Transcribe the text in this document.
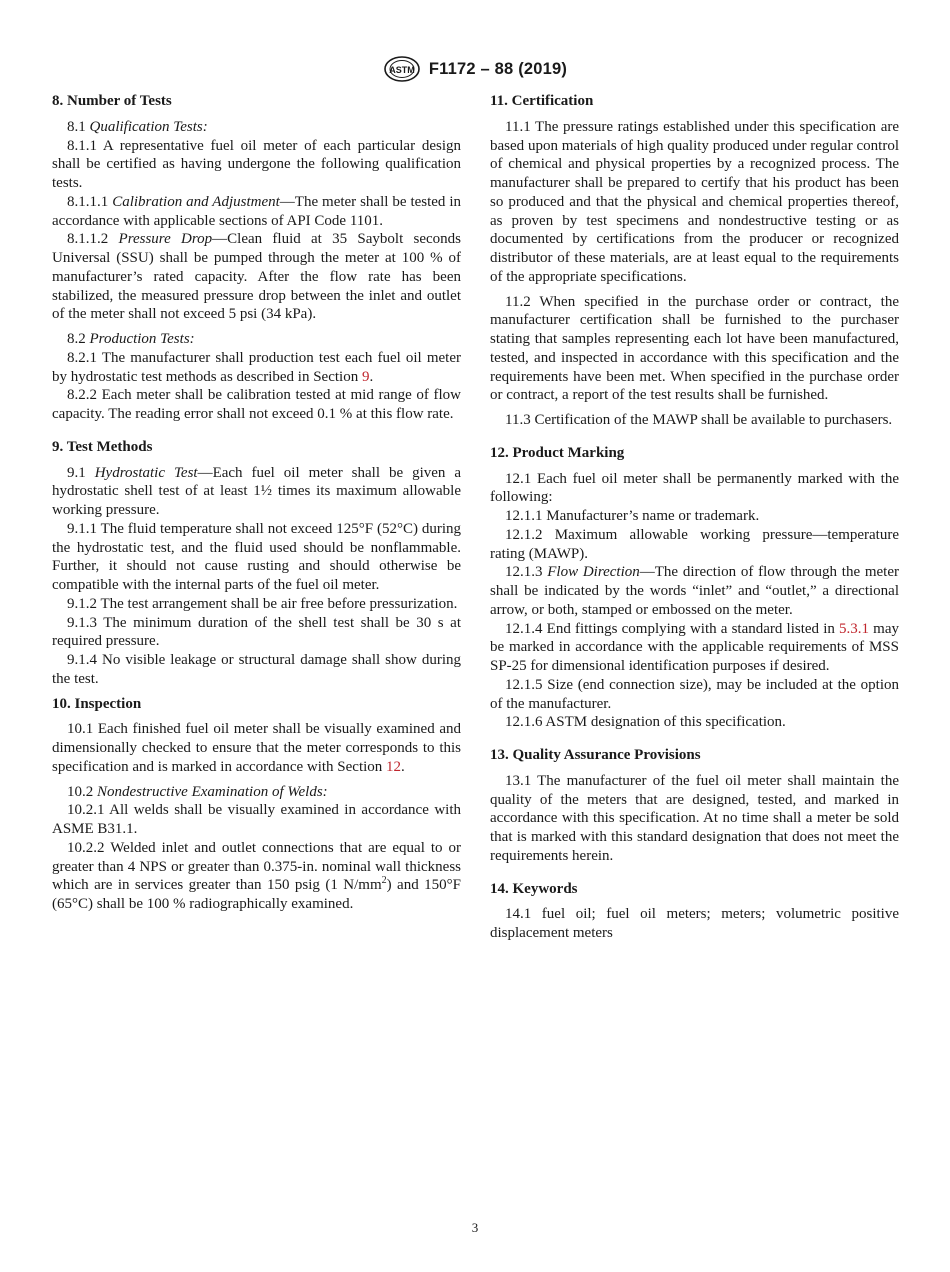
ASTM F1172 – 88 (2019)
8. Number of Tests

8.1 Qualification Tests:

8.1.1 A representative fuel oil meter of each particular design shall be certified as having undergone the following qualification tests.

8.1.1.1 Calibration and Adjustment—The meter shall be tested in accordance with applicable sections of API Code 1101.

8.1.1.2 Pressure Drop—Clean fluid at 35 Saybolt seconds Universal (SSU) shall be pumped through the meter at 100 % of manufacturer’s rated capacity. After the flow rate has been stabilized, the measured pressure drop between the inlet and outlet of the meter shall not exceed 5 psi (34 kPa).

8.2 Production Tests:

8.2.1 The manufacturer shall production test each fuel oil meter by hydrostatic test methods as described in Section 9.

8.2.2 Each meter shall be calibration tested at mid range of flow capacity. The reading error shall not exceed 0.1 % at this flow rate.

9. Test Methods

9.1 Hydrostatic Test—Each fuel oil meter shall be given a hydrostatic shell test of at least 1½ times its maximum allowable working pressure.

9.1.1 The fluid temperature shall not exceed 125°F (52°C) during the hydrostatic test, and the fluid used should be nonflammable. Further, it should not cause rusting and should otherwise be compatible with the internal parts of the fuel oil meter.

9.1.2 The test arrangement shall be air free before pressurization.

9.1.3 The minimum duration of the shell test shall be 30 s at required pressure.

9.1.4 No visible leakage or structural damage shall show during the test.

10. Inspection

10.1 Each finished fuel oil meter shall be visually examined and dimensionally checked to ensure that the meter corresponds to this specification and is marked in accordance with Section 12.

10.2 Nondestructive Examination of Welds:

10.2.1 All welds shall be visually examined in accordance with ASME B31.1.

10.2.2 Welded inlet and outlet connections that are equal to or greater than 4 NPS or greater than 0.375-in. nominal wall thickness which are in services greater than 150 psig (1 $N/mm^2$) and 150°F (65°C) shall be 100 % radiographically examined.

11. Certification

11.1 The pressure ratings established under this specification are based upon materials of high quality produced under regular control of chemical and physical properties by a recognized process. The manufacturer shall be prepared to certify that his product has been so produced and that the physical and chemical properties thereof, as proven by test specimens and nondestructive testing or as documented by certifications from the producer or recognized distributor of these materials, are at least equal to the requirements of the appropriate specifications.

11.2 When specified in the purchase order or contract, the manufacturer certification shall be furnished to the purchaser stating that samples representing each lot have been manufactured, tested, and inspected in accordance with this specification and the requirements have been met. When specified in the purchase order or contract, a report of the test results shall be furnished.

11.3 Certification of the MAWP shall be available to purchasers.

12. Product Marking

12.1 Each fuel oil meter shall be permanently marked with the following:

12.1.1 Manufacturer’s name or trademark.

12.1.2 Maximum allowable working pressure—temperature rating (MAWP).

12.1.3 Flow Direction—The direction of flow through the meter shall be indicated by the words “inlet” and “outlet,” a directional arrow, or both, stamped or embossed on the meter.

12.1.4 End fittings complying with a standard listed in 5.3.1 may be marked in accordance with the applicable requirements of MSS SP-25 for dimensional identification purposes if desired.

12.1.5 Size (end connection size), may be included at the option of the manufacturer.

12.1.6 ASTM designation of this specification.

13. Quality Assurance Provisions

13.1 The manufacturer of the fuel oil meter shall maintain the quality of the meters that are designed, tested, and marked in accordance with this specification. At no time shall a meter be sold that is marked with this standard designation that does not meet the requirements herein.

14. Keywords

14.1 fuel oil; fuel oil meters; meters; volumetric positive displacement meters

3
